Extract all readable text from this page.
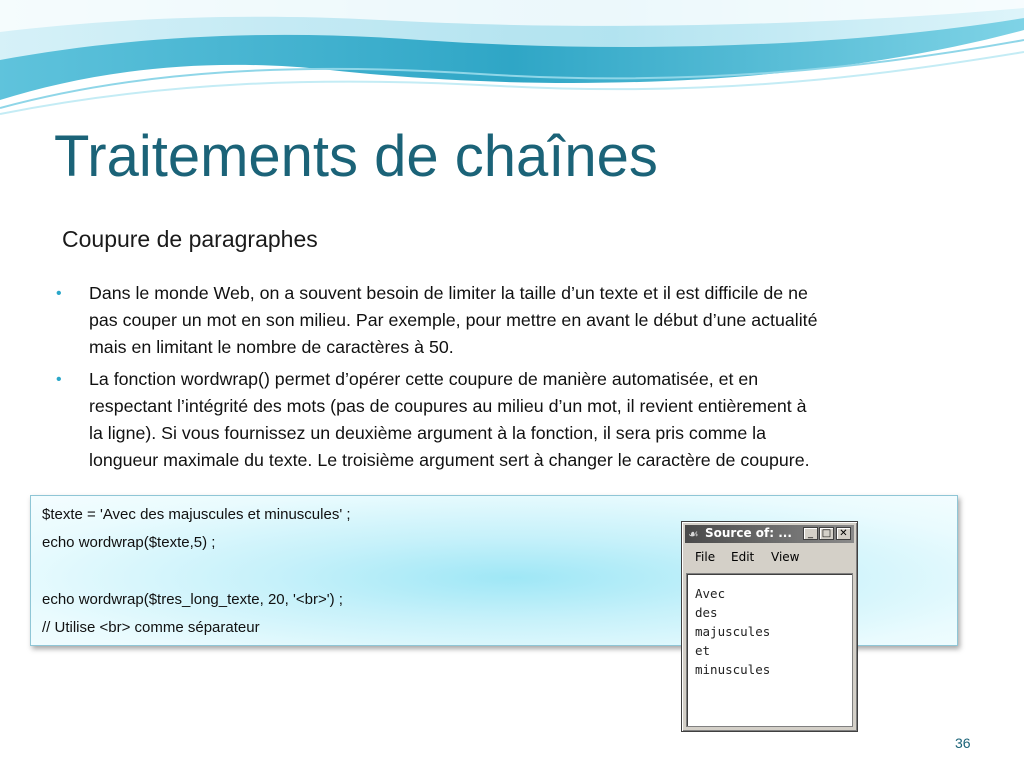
Traitements de chaînes
Coupure de paragraphes
• Dans le monde Web, on a souvent besoin de limiter la taille d’un texte et il est difficile de ne
pas couper un mot en son milieu. Par exemple, pour mettre en avant le début d’une actualité
mais en limitant le nombre de caractères à 50.
• La fonction wordwrap() permet d’opérer cette coupure de manière automatisée, et en
respectant l’intégrité des mots (pas de coupures au milieu d’un mot, il revient entièrement à
la ligne). Si vous fournissez un deuxième argument à la fonction, il sera pris comme la
longueur maximale du texte. Le troisième argument sert à changer le caractère de coupure.
$texte = 'Avec des majuscules et minuscules' ;
echo wordwrap($texte,5) ;
echo wordwrap($tres_long_texte, 20, '<br>') ;
// Utilise <br> comme séparateur
☙ Source of: ...	_ □ ✕
File Edit View
Avec
des
majuscules
et
minuscules
36
